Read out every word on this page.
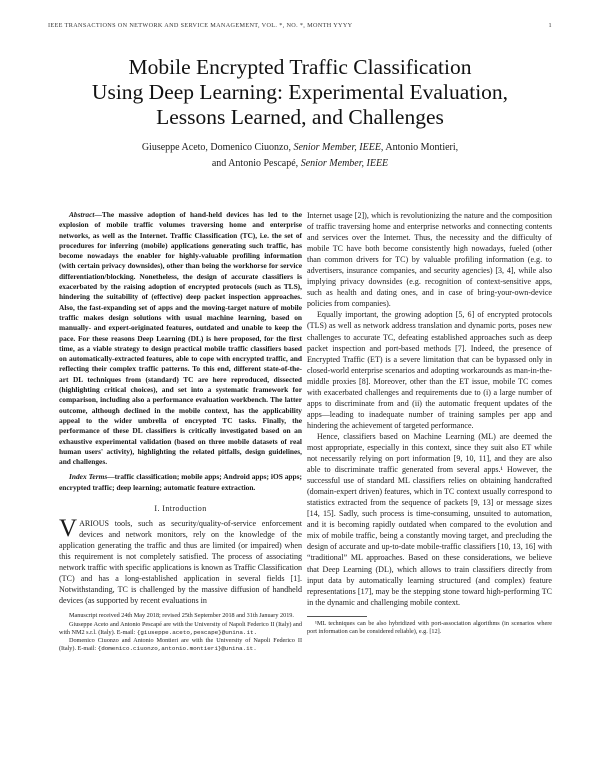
IEEE TRANSACTIONS ON NETWORK AND SERVICE MANAGEMENT, VOL. *, NO. *, MONTH YYYY	1
Mobile Encrypted Traffic Classification
Using Deep Learning: Experimental Evaluation,
Lessons Learned, and Challenges
Giuseppe Aceto, Domenico Ciuonzo, Senior Member, IEEE, Antonio Montieri,
and Antonio Pescapé, Senior Member, IEEE

Abstract—The massive adoption of hand-held devices has led to the explosion of mobile traffic volumes traversing home and enterprise networks, as well as the Internet. Traffic Classification (TC), i.e. the set of procedures for inferring (mobile) applications generating such traffic, has become nowadays the enabler for highly-valuable profiling information (with certain privacy downsides), other than being the workhorse for service differentiation/blocking. Nonetheless, the design of accurate classifiers is exacerbated by the raising adoption of encrypted protocols (such as TLS), hindering the suitability of (effective) deep packet inspection approaches. Also, the fast-expanding set of apps and the moving-target nature of mobile traffic makes design solutions with usual machine learning, based on manually- and expert-originated features, outdated and unable to keep the pace. For these reasons Deep Learning (DL) is here proposed, for the first time, as a viable strategy to design practical mobile traffic classifiers based on automatically-extracted features, able to cope with encrypted traffic, and reflecting their complex traffic patterns. To this end, different state-of-the-art DL techniques from (standard) TC are here reproduced, dissected (highlighting critical choices), and set into a systematic framework for comparison, including also a performance evaluation workbench. The latter outcome, although declined in the mobile context, has the applicability appeal to the wider umbrella of encrypted TC tasks. Finally, the performance of these DL classifiers is critically investigated based on an exhaustive experimental validation (based on three mobile datasets of real human users' activity), highlighting the related pitfalls, design guidelines, and challenges.

Index Terms—traffic classification; mobile apps; Android apps; iOS apps; encrypted traffic; deep learning; automatic feature extraction.

I. Introduction

VARIOUS tools, such as security/quality-of-service enforcement devices and network monitors, rely on the knowledge of the application generating the traffic and thus are limited (or impaired) when this requirement is not completely satisfied. The process of associating network traffic with specific applications is known as Traffic Classification (TC) and has a long-established application in several fields [1]. Notwithstanding, TC is challenged by the massive diffusion of handheld devices (as supported by recent evaluations in

Manuscript received 24th May 2018; revised 25th September 2018 and 31th January 2019.

Giuseppe Aceto and Antonio Pescapé are with the University of Napoli Federico II (Italy) and with NM2 s.r.l. (Italy). E-mail: {giuseppe.aceto,pescape}@unina.it.

Domenico Ciuonzo and Antonio Montieri are with the University of Napoli Federico II (Italy). E-mail: {domenico.ciuonzo,antonio.montieri}@unina.it.

Internet usage [2]), which is revolutionizing the nature and the composition of traffic traversing home and enterprise networks and connecting contents and services over the Internet. Thus, the necessity and the difficulty of mobile TC have both become consistently high nowadays, fueled (other than common drivers for TC) by valuable profiling information (e.g. to advertisers, insurance companies, and security agencies) [3, 4], while also implying privacy downsides (e.g. recognition of context-sensitive apps, such as health and dating ones, and in case of bring-your-own-device policies from companies).

Equally important, the growing adoption [5, 6] of encrypted protocols (TLS) as well as network address translation and dynamic ports, poses new challenges to accurate TC, defeating established approaches such as deep packet inspection and port-based methods [7]. Indeed, the presence of Encrypted Traffic (ET) is a severe limitation that can be bypassed only in closed-world enterprise scenarios and adopting workarounds as man-in-the-middle proxies [8]. Moreover, other than the ET issue, mobile TC comes with exacerbated challenges and requirements due to (i) a large number of apps to discriminate from and (ii) the automatic frequent updates of the apps—leading to inadequate number of training samples per app and hindering the achievement of targeted performance.

Hence, classifiers based on Machine Learning (ML) are deemed the most appropriate, especially in this context, since they suit also ET while not necessarily relying on port information [9, 10, 11], and they are also able to discriminate traffic generated from several apps.¹ However, the successful use of standard ML classifiers relies on obtaining handcrafted (domain-expert driven) features, which in TC context usually correspond to statistics extracted from the sequence of packets [9, 13] or message sizes [14, 15]. Sadly, such process is time-consuming, unsuited to automation, and it is becoming rapidly outdated when compared to the evolution and mix of mobile traffic, being a constantly moving target, and precluding the design of accurate and up-to-date mobile-traffic classifiers [10, 13, 16] with “traditional” ML approaches. Based on these considerations, we believe that Deep Learning (DL), which allows to train classifiers directly from input data by automatically learning structured (and complex) feature representations [17], may be the stepping stone toward high-performing TC in the dynamic and challenging mobile context.

¹ML techniques can be also hybridized with port-association algorithms (in scenarios where port information can be considered reliable), e.g. [12].
